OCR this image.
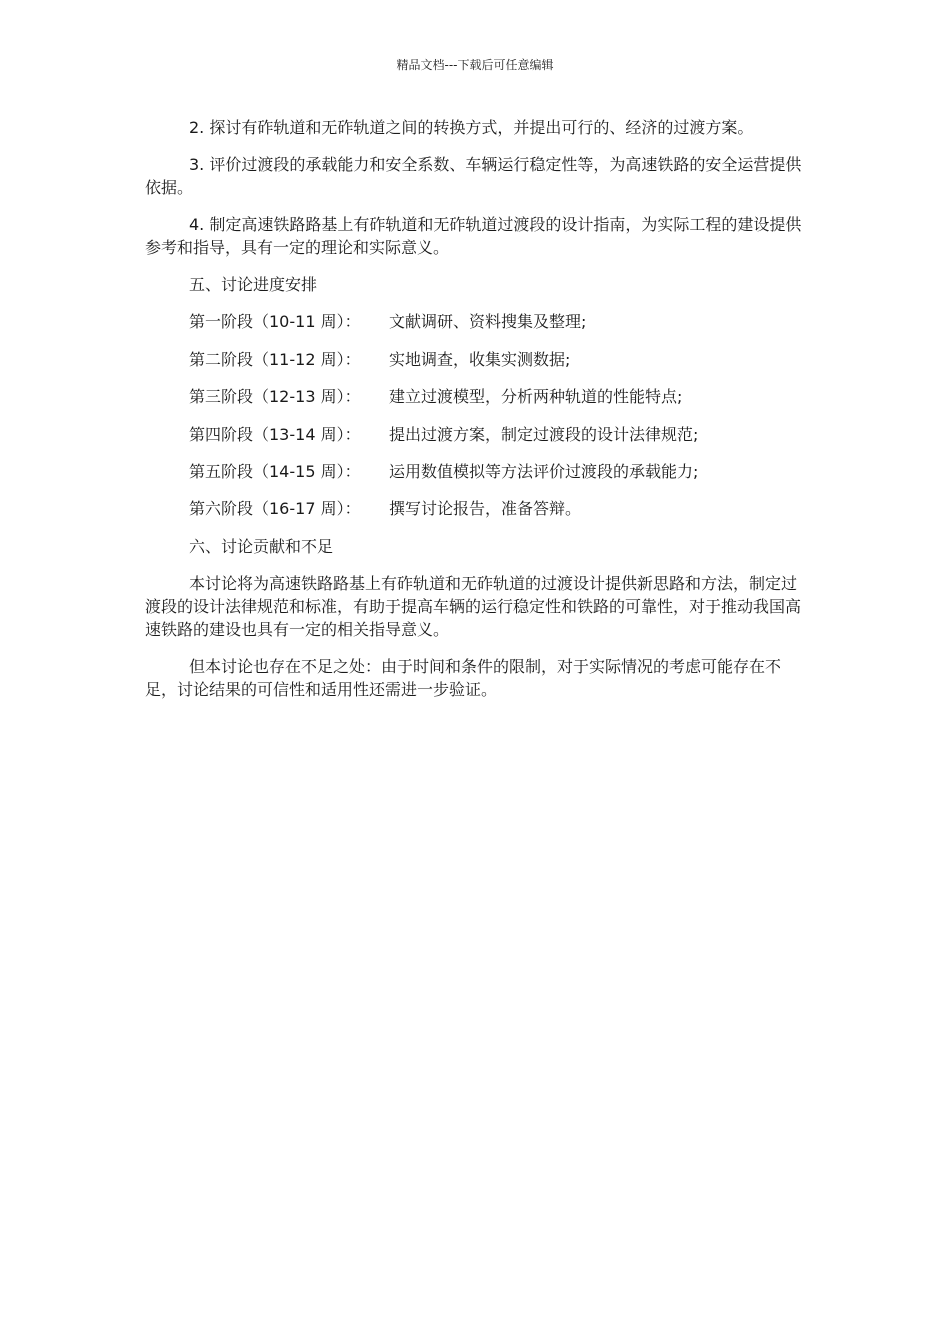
精品文档---下载后可任意编辑

2. 探讨有砟轨道和无砟轨道之间的转换方式，并提出可行的、经济的过渡方案。

3. 评价过渡段的承载能力和安全系数、车辆运行稳定性等，为高速铁路的安全运营提供依据。

4. 制定高速铁路路基上有砟轨道和无砟轨道过渡段的设计指南，为实际工程的建设提供参考和指导，具有一定的理论和实际意义。

五、讨论进度安排

第一阶段（10-11 周）： 文献调研、资料搜集及整理;

第二阶段（11-12 周）： 实地调查，收集实测数据;

第三阶段（12-13 周）： 建立过渡模型，分析两种轨道的性能特点;

第四阶段（13-14 周）： 提出过渡方案，制定过渡段的设计法律规范;

第五阶段（14-15 周）： 运用数值模拟等方法评价过渡段的承载能力;

第六阶段（16-17 周）： 撰写讨论报告，准备答辩。

六、讨论贡献和不足

本讨论将为高速铁路路基上有砟轨道和无砟轨道的过渡设计提供新思路和方法，制定过渡段的设计法律规范和标准，有助于提高车辆的运行稳定性和铁路的可靠性，对于推动我国高速铁路的建设也具有一定的相关指导意义。

但本讨论也存在不足之处：由于时间和条件的限制，对于实际情况的考虑可能存在不足，讨论结果的可信性和适用性还需进一步验证。
